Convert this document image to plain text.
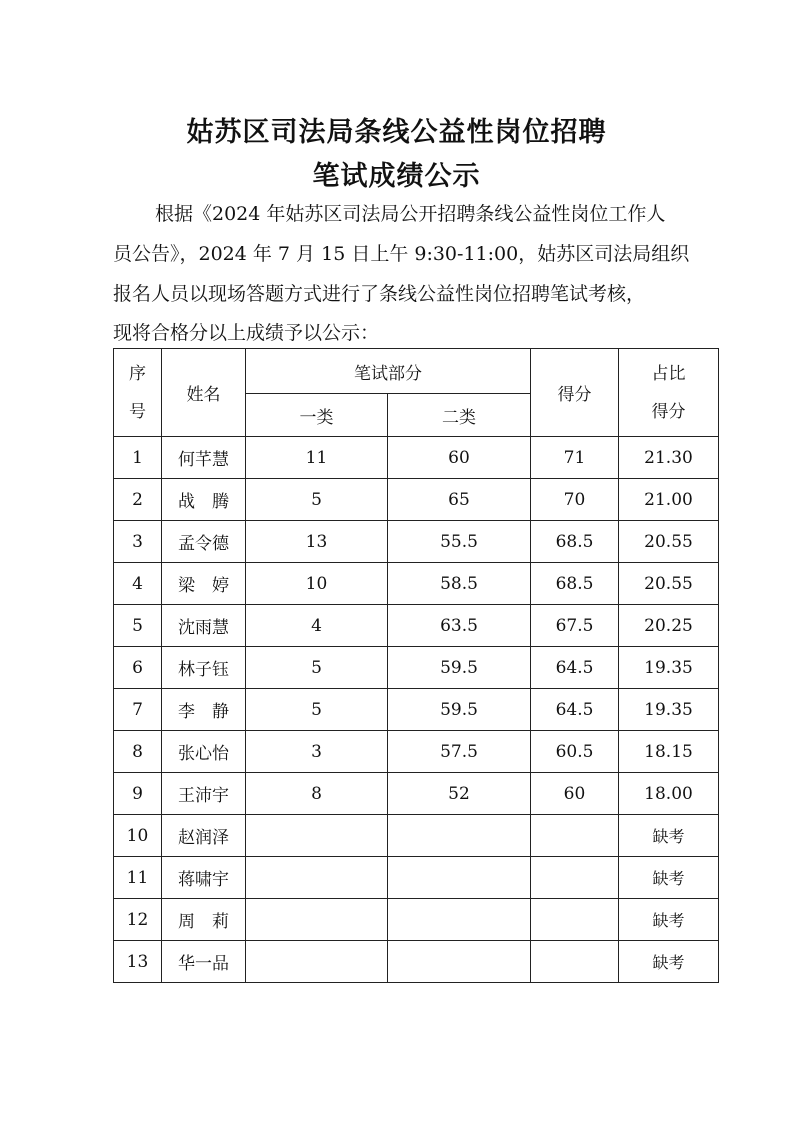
姑苏区司法局条线公益性岗位招聘
笔试成绩公示
根据《2024 年姑苏区司法局公开招聘条线公益性岗位工作人
员公告》，2024 年 7 月 15 日上午 9:30-11:00，姑苏区司法局组织
报名人员以现场答题方式进行了条线公益性岗位招聘笔试考核，
现将合格分以上成绩予以公示：
序
号	姓名	笔试部分		得分	占比
得分
		一类	二类		
1	何芊慧	11	60	71	21.30
2	战　腾	5	65	70	21.00
3	孟令德	13	55.5	68.5	20.55
4	梁　婷	10	58.5	68.5	20.55
5	沈雨慧	4	63.5	67.5	20.25
6	林子钰	5	59.5	64.5	19.35
7	李　静	5	59.5	64.5	19.35
8	张心怡	3	57.5	60.5	18.15
9	王沛宇	8	52	60	18.00
10	赵润泽				缺考
11	蒋啸宇				缺考
12	周　莉				缺考
13	华一品				缺考
